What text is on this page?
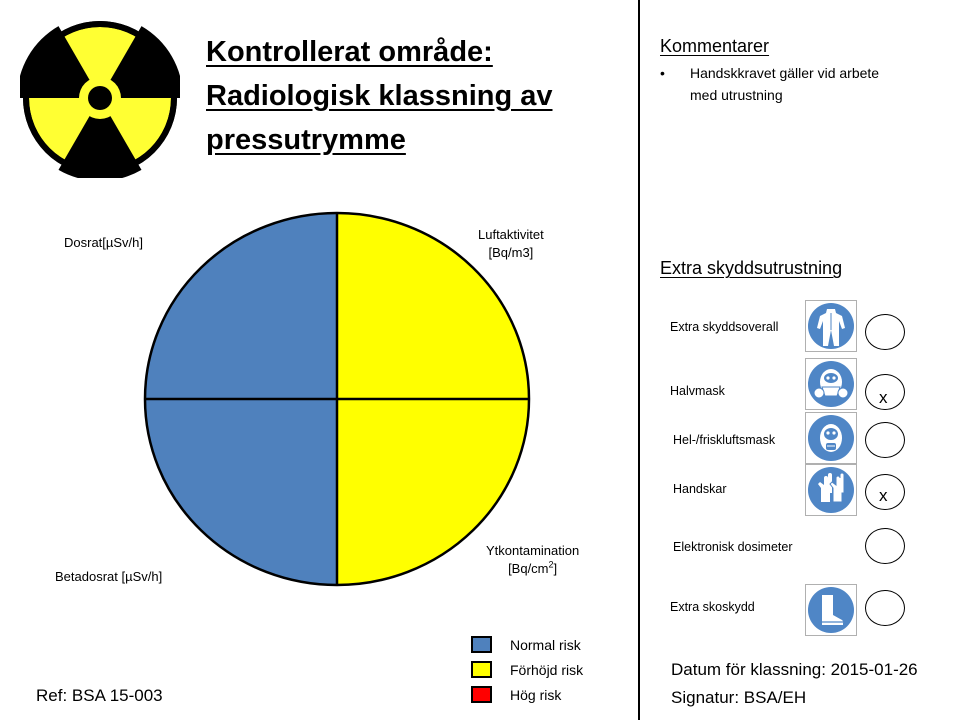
Kontrollerat område:
Radiologisk klassning av
pressutrymme
Dosrat[µSv/h]
Luftaktivitet
[Bq/m3]
Betadosrat [µSv/h]
Ytkontamination
$[Bq/cm^2]$
Normal risk
Förhöjd risk
Hög risk
Ref: BSA 15-003
Kommentarer
•	Handskkravet gäller vid arbete med utrustning
Extra skyddsutrustning
Extra skyddsoverall
Halvmask	x
Hel-/friskluftsmask
Handskar	x
Elektronisk dosimeter
Extra skoskydd
Datum för klassning: 2015-01-26
Signatur: BSA/EH
